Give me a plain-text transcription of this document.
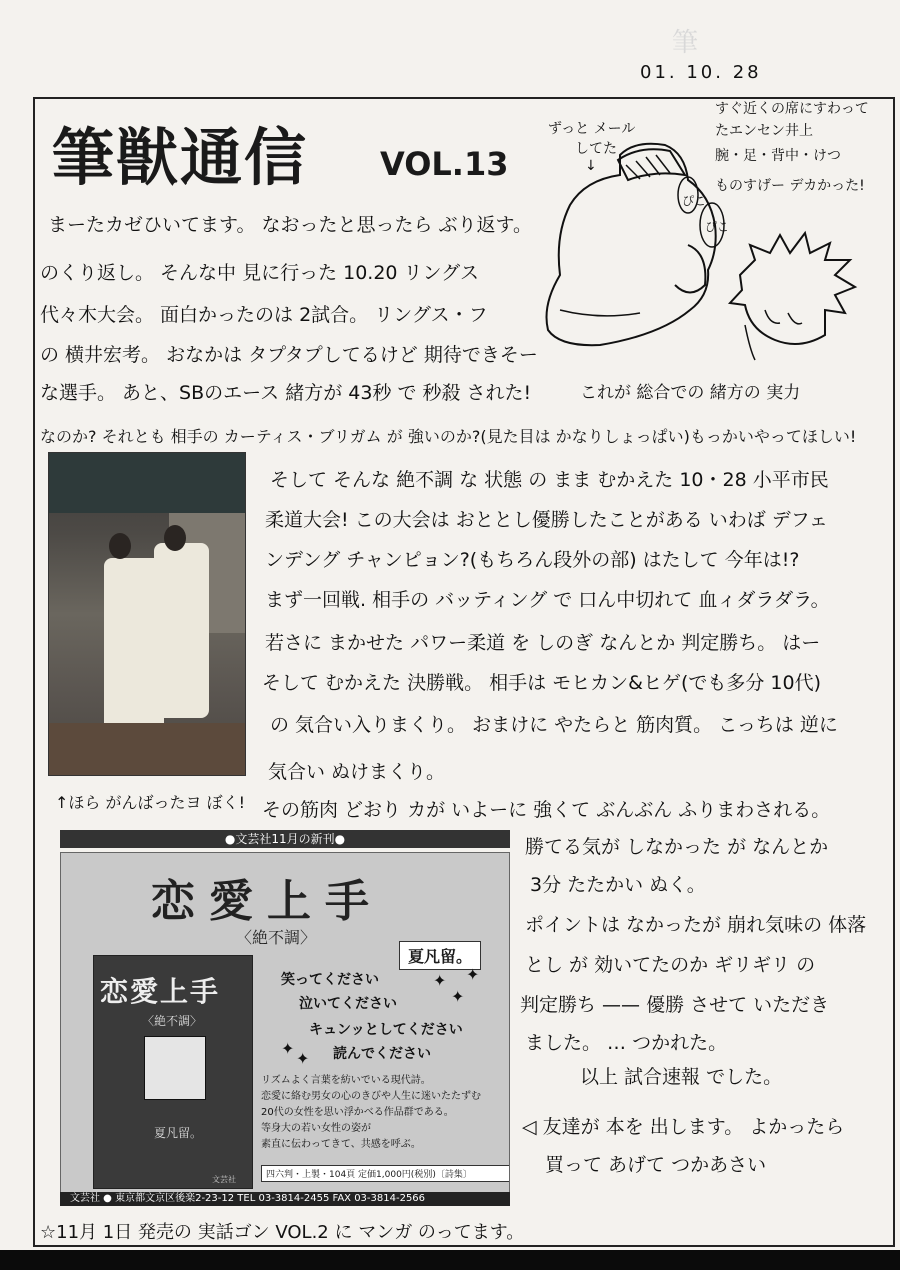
筆
01. 10. 28
筆獣通信 VOL.13
ずっと メール
してた
↓
すぐ近くの席にすわって
たエンセン井上
腕・足・背中・けつ
ものすげー デカかった!
ぴこ
ぴこ
まーたカゼひいてます。 なおったと思ったら ぶり返す。
のくり返し。 そんな中 見に行った 10.20 リングス
代々木大会。 面白かったのは 2試合。 リングス・フ
の 横井宏考。 おなかは タプタプしてるけど 期待できそー
な選手。 あと、SBのエース 緒方が 43秒 で 秒殺 された!	これが 総合での 緒方の 実力
なのか? それとも 相手の カーティス・ブリガム が 強いのか?(見た目は かなりしょっぱい)もっかいやってほしい!
そして そんな 絶不調 な 状態 の まま むかえた 10・28 小平市民
柔道大会! この大会は おととし優勝したことがある いわば デフェ
ンデング チャンピョン?(もちろん段外の部) はたして 今年は!?
まず一回戦. 相手の バッティング で 口ん中切れて 血ィダラダラ。
若さに まかせた パワー柔道 を しのぎ なんとか 判定勝ち。 はー
そして むかえた 決勝戦。 相手は モヒカン&ヒゲ(でも多分 10代)
の 気合い入りまくり。 おまけに やたらと 筋肉質。 こっちは 逆に
気合い ぬけまくり。
↑ほら がんばったヨ ぼく! その筋肉 どおり カが いよーに 強くて ぶんぶん ふりまわされる。
●文芸社11月の新刊●
恋愛上手
〈絶不調〉
夏凡留。
恋愛上手
〈絶不調〉
夏凡留。
文芸社
笑ってください
泣いてください
キュンッとしてください
読んでください
✦
✦
✦
✦
✦
リズムよく言葉を紡いでいる現代詩。
恋愛に絡む男女の心のきびや人生に迷いたたずむ
20代の女性を思い浮かべる作品群である。
等身大の若い女性の姿が
素直に伝わってきて、共感を呼ぶ。
四六判・上製・104頁 定価1,000円(税別)〔詩集〕
文芸社 ● 東京都文京区後楽2-23-12 TEL 03-3814-2455 FAX 03-3814-2566
勝てる気が しなかった が なんとか
3分 たたかい ぬく。
ポイントは なかったが 崩れ気味の 体落
とし が 効いてたのか ギリギリ の
判定勝ち —— 優勝 させて いただき
ました。 … つかれた。
以上 試合速報 でした。
◁ 友達が 本を 出します。 よかったら
買って あげて つかあさい
☆11月 1日 発売の 実話ゴン VOL.2 に マンガ のってます。
